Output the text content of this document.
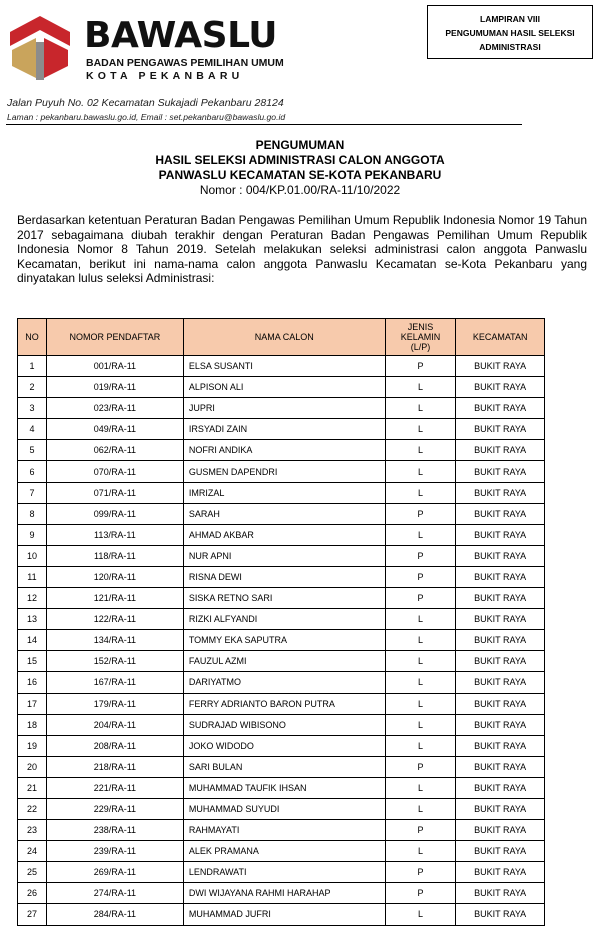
LAMPIRAN VIII
PENGUMUMAN HASIL SELEKSI
ADMINISTRASI
BAWASLU
BADAN PENGAWAS PEMILIHAN UMUM
KOTA PEKANBARU
Jalan Puyuh No. 02 Kecamatan Sukajadi Pekanbaru 28124
Laman : pekanbaru.bawaslu.go.id, Email : set.pekanbaru@bawaslu.go.id
PENGUMUMAN
HASIL SELEKSI ADMINISTRASI CALON ANGGOTA
PANWASLU KECAMATAN SE-KOTA PEKANBARU
Nomor : 004/KP.01.00/RA-11/10/2022
Berdasarkan ketentuan Peraturan Badan Pengawas Pemilihan Umum Republik Indonesia Nomor 19 Tahun 2017 sebagaimana diubah terakhir dengan Peraturan Badan Pengawas Pemilihan Umum Republik Indonesia Nomor 8 Tahun 2019. Setelah melakukan seleksi administrasi calon anggota Panwaslu Kecamatan, berikut ini nama-nama calon anggota Panwaslu Kecamatan se-Kota Pekanbaru yang dinyatakan lulus seleksi Administrasi:
NO	NOMOR PENDAFTAR	NAMA CALON	JENIS
KELAMIN
(L/P)	KECAMATAN
1	001/RA-11	ELSA SUSANTI	P	BUKIT RAYA
2	019/RA-11	ALPISON ALI	L	BUKIT RAYA
3	023/RA-11	JUPRI	L	BUKIT RAYA
4	049/RA-11	IRSYADI ZAIN	L	BUKIT RAYA
5	062/RA-11	NOFRI ANDIKA	L	BUKIT RAYA
6	070/RA-11	GUSMEN DAPENDRI	L	BUKIT RAYA
7	071/RA-11	IMRIZAL	L	BUKIT RAYA
8	099/RA-11	SARAH	P	BUKIT RAYA
9	113/RA-11	AHMAD AKBAR	L	BUKIT RAYA
10	118/RA-11	NUR APNI	P	BUKIT RAYA
11	120/RA-11	RISNA DEWI	P	BUKIT RAYA
12	121/RA-11	SISKA RETNO SARI	P	BUKIT RAYA
13	122/RA-11	RIZKI ALFYANDI	L	BUKIT RAYA
14	134/RA-11	TOMMY EKA SAPUTRA	L	BUKIT RAYA
15	152/RA-11	FAUZUL AZMI	L	BUKIT RAYA
16	167/RA-11	DARIYATMO	L	BUKIT RAYA
17	179/RA-11	FERRY ADRIANTO BARON PUTRA	L	BUKIT RAYA
18	204/RA-11	SUDRAJAD WIBISONO	L	BUKIT RAYA
19	208/RA-11	JOKO WIDODO	L	BUKIT RAYA
20	218/RA-11	SARI BULAN	P	BUKIT RAYA
21	221/RA-11	MUHAMMAD TAUFIK IHSAN	L	BUKIT RAYA
22	229/RA-11	MUHAMMAD SUYUDI	L	BUKIT RAYA
23	238/RA-11	RAHMAYATI	P	BUKIT RAYA
24	239/RA-11	ALEK PRAMANA	L	BUKIT RAYA
25	269/RA-11	LENDRAWATI	P	BUKIT RAYA
26	274/RA-11	DWI WIJAYANA RAHMI HARAHAP	P	BUKIT RAYA
27	284/RA-11	MUHAMMAD JUFRI	L	BUKIT RAYA
